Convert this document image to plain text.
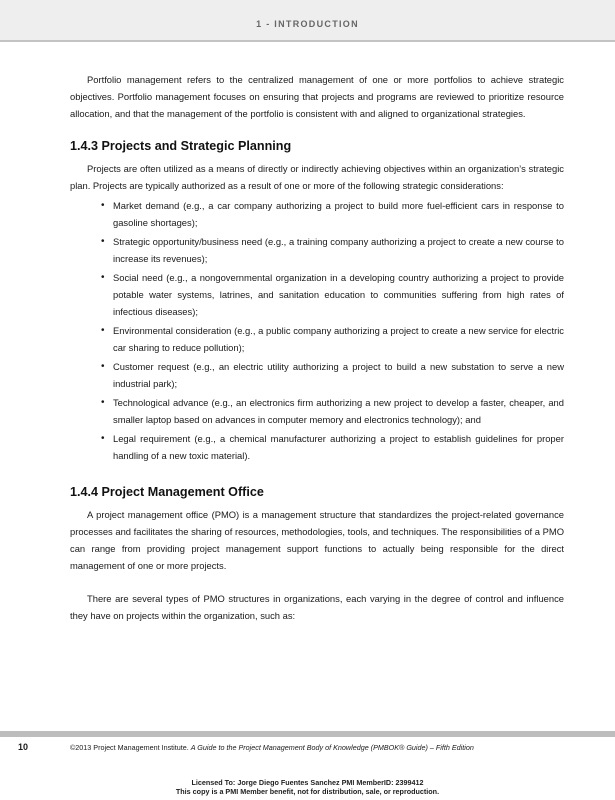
1 - INTRODUCTION

Portfolio management refers to the centralized management of one or more portfolios to achieve strategic objectives. Portfolio management focuses on ensuring that projects and programs are reviewed to prioritize resource allocation, and that the management of the portfolio is consistent with and aligned to organizational strategies.

1.4.3 Projects and Strategic Planning

Projects are often utilized as a means of directly or indirectly achieving objectives within an organization’s strategic plan. Projects are typically authorized as a result of one or more of the following strategic considerations:

• Market demand (e.g., a car company authorizing a project to build more fuel-efficient cars in response to gasoline shortages);
• Strategic opportunity/business need (e.g., a training company authorizing a project to create a new course to increase its revenues);
• Social need (e.g., a nongovernmental organization in a developing country authorizing a project to provide potable water systems, latrines, and sanitation education to communities suffering from high rates of infectious diseases);
• Environmental consideration (e.g., a public company authorizing a project to create a new service for electric car sharing to reduce pollution);
• Customer request (e.g., an electric utility authorizing a project to build a new substation to serve a new industrial park);
• Technological advance (e.g., an electronics firm authorizing a new project to develop a faster, cheaper, and smaller laptop based on advances in computer memory and electronics technology); and
• Legal requirement (e.g., a chemical manufacturer authorizing a project to establish guidelines for proper handling of a new toxic material).
1.4.4 Project Management Office

A project management office (PMO) is a management structure that standardizes the project-related governance processes and facilitates the sharing of resources, methodologies, tools, and techniques. The responsibilities of a PMO can range from providing project management support functions to actually being responsible for the direct management of one or more projects.

There are several types of PMO structures in organizations, each varying in the degree of control and influence they have on projects within the organization, such as:

10	©2013 Project Management Institute. A Guide to the Project Management Body of Knowledge (PMBOK® Guide) – Fifth Edition
Licensed To: Jorge Diego Fuentes Sanchez PMI MemberID: 2399412
This copy is a PMI Member benefit, not for distribution, sale, or reproduction.
